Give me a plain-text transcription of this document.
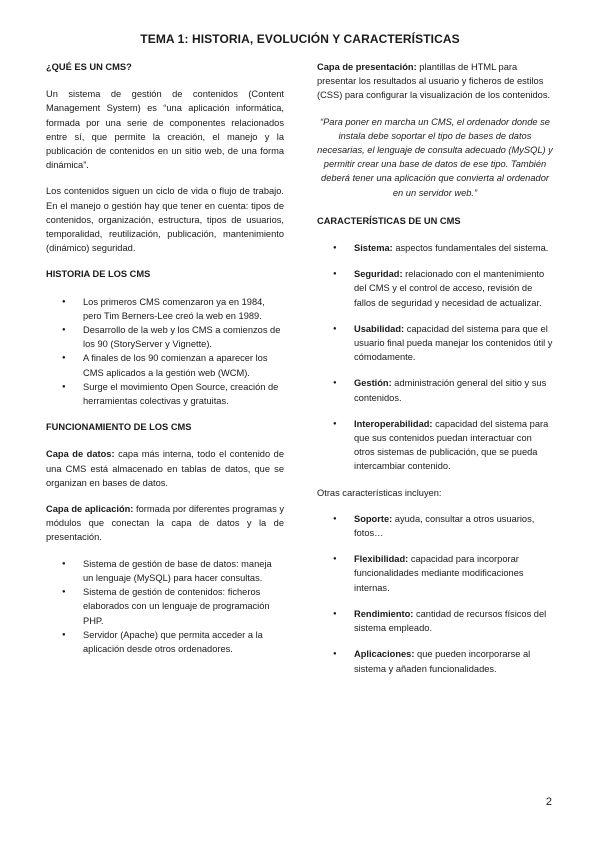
TEMA 1: HISTORIA, EVOLUCIÓN Y CARACTERÍSTICAS
¿QUÉ ES UN CMS?

Un sistema de gestión de contenidos (Content Management System) es “una aplicación informática, formada por una serie de componentes relacionados entre sí, que permite la creación, el manejo y la publicación de contenidos en un sitio web, de una forma dinámica”.

Los contenidos siguen un ciclo de vida o flujo de trabajo. En el manejo o gestión hay que tener en cuenta: tipos de contenidos, organización, estructura, tipos de usuarios, temporalidad, reutilización, publicación, mantenimiento (dinámico) seguridad.

HISTORIA DE LOS CMS
● Los primeros CMS comenzaron ya en 1984, pero Tim Berners-Lee creó la web en 1989.
● Desarrollo de la web y los CMS a comienzos de los 90 (StoryServer y Vignette).
● A finales de los 90 comienzan a aparecer los CMS aplicados a la gestión web (WCM).
● Surge el movimiento Open Source, creación de herramientas colectivas y gratuitas.
FUNCIONAMIENTO DE LOS CMS

Capa de datos: capa más interna, todo el contenido de una CMS está almacenado en tablas de datos, que se organizan en bases de datos.

Capa de aplicación: formada por diferentes programas y módulos que conectan la capa de datos y la de presentación.

● Sistema de gestión de base de datos: maneja un lenguaje (MySQL) para hacer consultas.
● Sistema de gestión de contenidos: ficheros elaborados con un lenguaje de programación PHP.
● Servidor (Apache) que permita acceder a la aplicación desde otros ordenadores.

Capa de presentación: plantillas de HTML para presentar los resultados al usuario y ficheros de estilos (CSS) para configurar la visualización de los contenidos.

“Para poner en marcha un CMS, el ordenador donde se instala debe soportar el tipo de bases de datos necesarias, el lenguaje de consulta adecuado (MySQL) y permitir crear una base de datos de ese tipo. También deberá tener una aplicación que convierta al ordenador en un servidor web.”

CARACTERÍSTICAS DE UN CMS
● Sistema: aspectos fundamentales del sistema.
● Seguridad: relacionado con el mantenimiento del CMS y el control de acceso, revisión de fallos de seguridad y necesidad de actualizar.
● Usabilidad: capacidad del sistema para que el usuario final pueda manejar los contenidos útil y cómodamente.
● Gestión: administración general del sitio y sus contenidos.
● Interoperabilidad: capacidad del sistema para que sus contenidos puedan interactuar con otros sistemas de publicación, que se pueda intercambiar contenido.

Otras características incluyen:

● Soporte: ayuda, consultar a otros usuarios, fotos…
● Flexibilidad: capacidad para incorporar funcionalidades mediante modificaciones internas.
● Rendimiento: cantidad de recursos físicos del sistema empleado.
● Aplicaciones: que pueden incorporarse al sistema y añaden funcionalidades.
2
